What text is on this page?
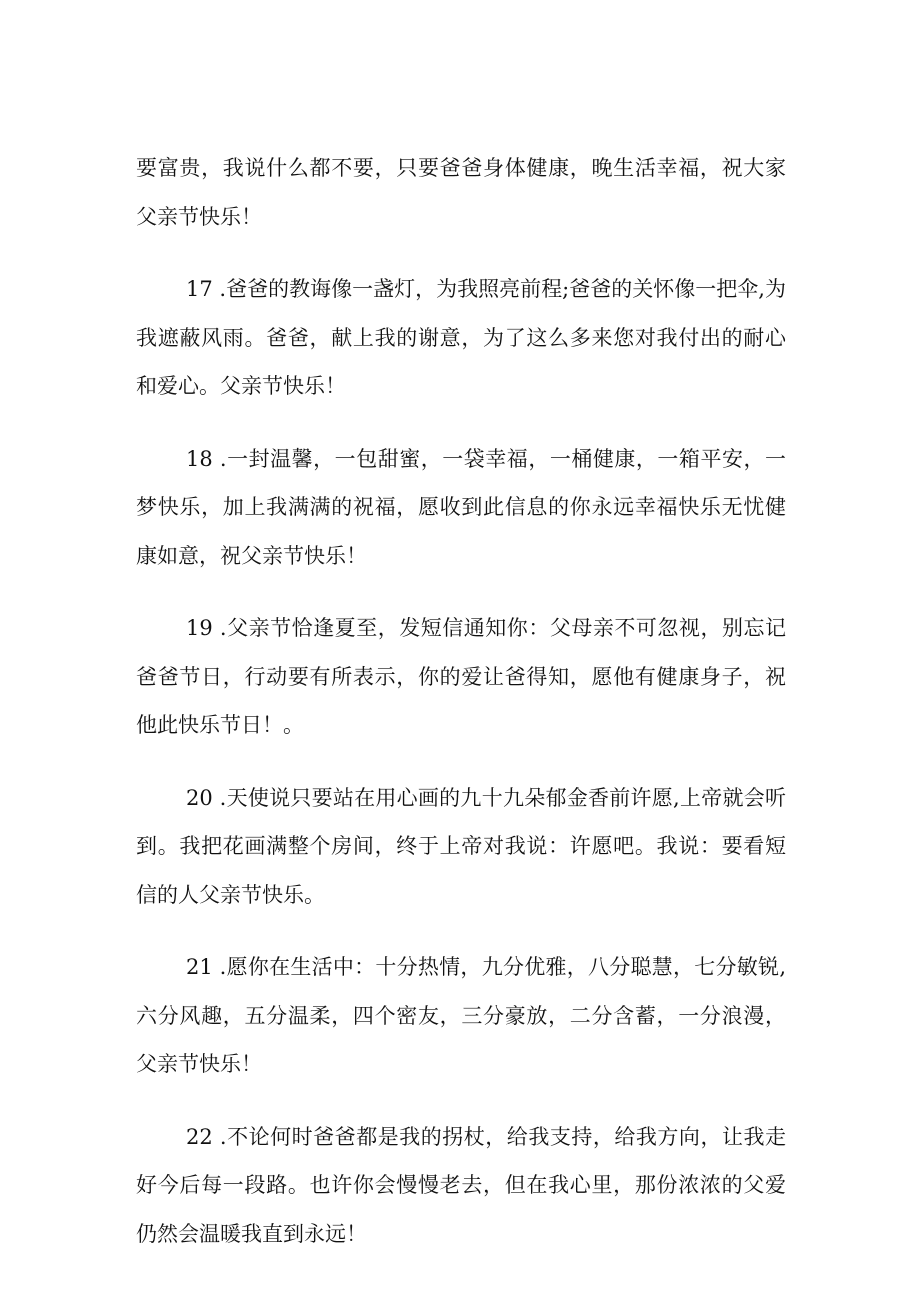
要富贵，我说什么都不要，只要爸爸身体健康，晚生活幸福，祝大家父亲节快乐！

17 .爸爸的教诲像一盏灯，为我照亮前程;爸爸的关怀像一把伞,为我遮蔽风雨。爸爸，献上我的谢意，为了这么多来您对我付出的耐心和爱心。父亲节快乐！

18 .一封温馨，一包甜蜜，一袋幸福，一桶健康，一箱平安，一梦快乐，加上我满满的祝福，愿收到此信息的你永远幸福快乐无忧健康如意，祝父亲节快乐！

19 .父亲节恰逢夏至，发短信通知你：父母亲不可忽视，别忘记爸爸节日，行动要有所表示，你的爱让爸得知，愿他有健康身子，祝他此快乐节日！。

20 .天使说只要站在用心画的九十九朵郁金香前许愿,上帝就会听到。我把花画满整个房间，终于上帝对我说：许愿吧。我说：要看短信的人父亲节快乐。

21 .愿你在生活中：十分热情，九分优雅，八分聪慧，七分敏锐,六分风趣，五分温柔，四个密友，三分豪放，二分含蓄，一分浪漫，父亲节快乐！

22 .不论何时爸爸都是我的拐杖，给我支持，给我方向，让我走好今后每一段路。也许你会慢慢老去，但在我心里，那份浓浓的父爱仍然会温暖我直到永远！
